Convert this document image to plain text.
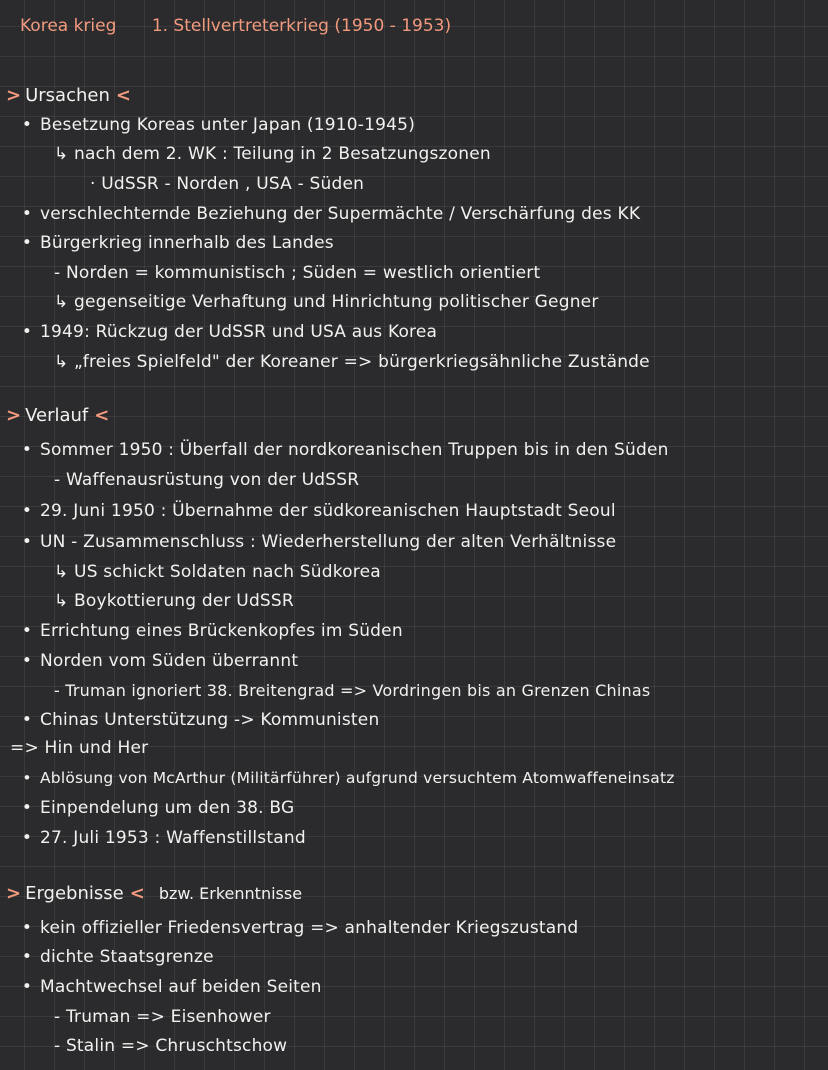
Korea krieg 1. Stellvertreterkrieg (1950 - 1953)
> Ursachen <
• Besetzung Koreas unter Japan (1910-1945)
↳ nach dem 2. WK : Teilung in 2 Besatzungszonen
· UdSSR - Norden , USA - Süden
• verschlechternde Beziehung der Supermächte / Verschärfung des KK
• Bürgerkrieg innerhalb des Landes
- Norden = kommunistisch ; Süden = westlich orientiert
↳ gegenseitige Verhaftung und Hinrichtung politischer Gegner
• 1949: Rückzug der UdSSR und USA aus Korea
↳ „freies Spielfeld" der Koreaner => bürgerkriegsähnliche Zustände
> Verlauf <
• Sommer 1950 : Überfall der nordkoreanischen Truppen bis in den Süden
- Waffenausrüstung von der UdSSR
• 29. Juni 1950 : Übernahme der südkoreanischen Hauptstadt Seoul
• UN - Zusammenschluss : Wiederherstellung der alten Verhältnisse
↳ US schickt Soldaten nach Südkorea
↳ Boykottierung der UdSSR
• Errichtung eines Brückenkopfes im Süden
• Norden vom Süden überrannt
- Truman ignoriert 38. Breitengrad => Vordringen bis an Grenzen Chinas
• Chinas Unterstützung -> Kommunisten
=> Hin und Her
• Ablösung von McArthur (Militärführer) aufgrund versuchtem Atomwaffeneinsatz
• Einpendelung um den 38. BG
• 27. Juli 1953 : Waffenstillstand
> Ergebnisse < bzw. Erkenntnisse
• kein offizieller Friedensvertrag => anhaltender Kriegszustand
• dichte Staatsgrenze
• Machtwechsel auf beiden Seiten
- Truman => Eisenhower
- Stalin => Chruschtschow
